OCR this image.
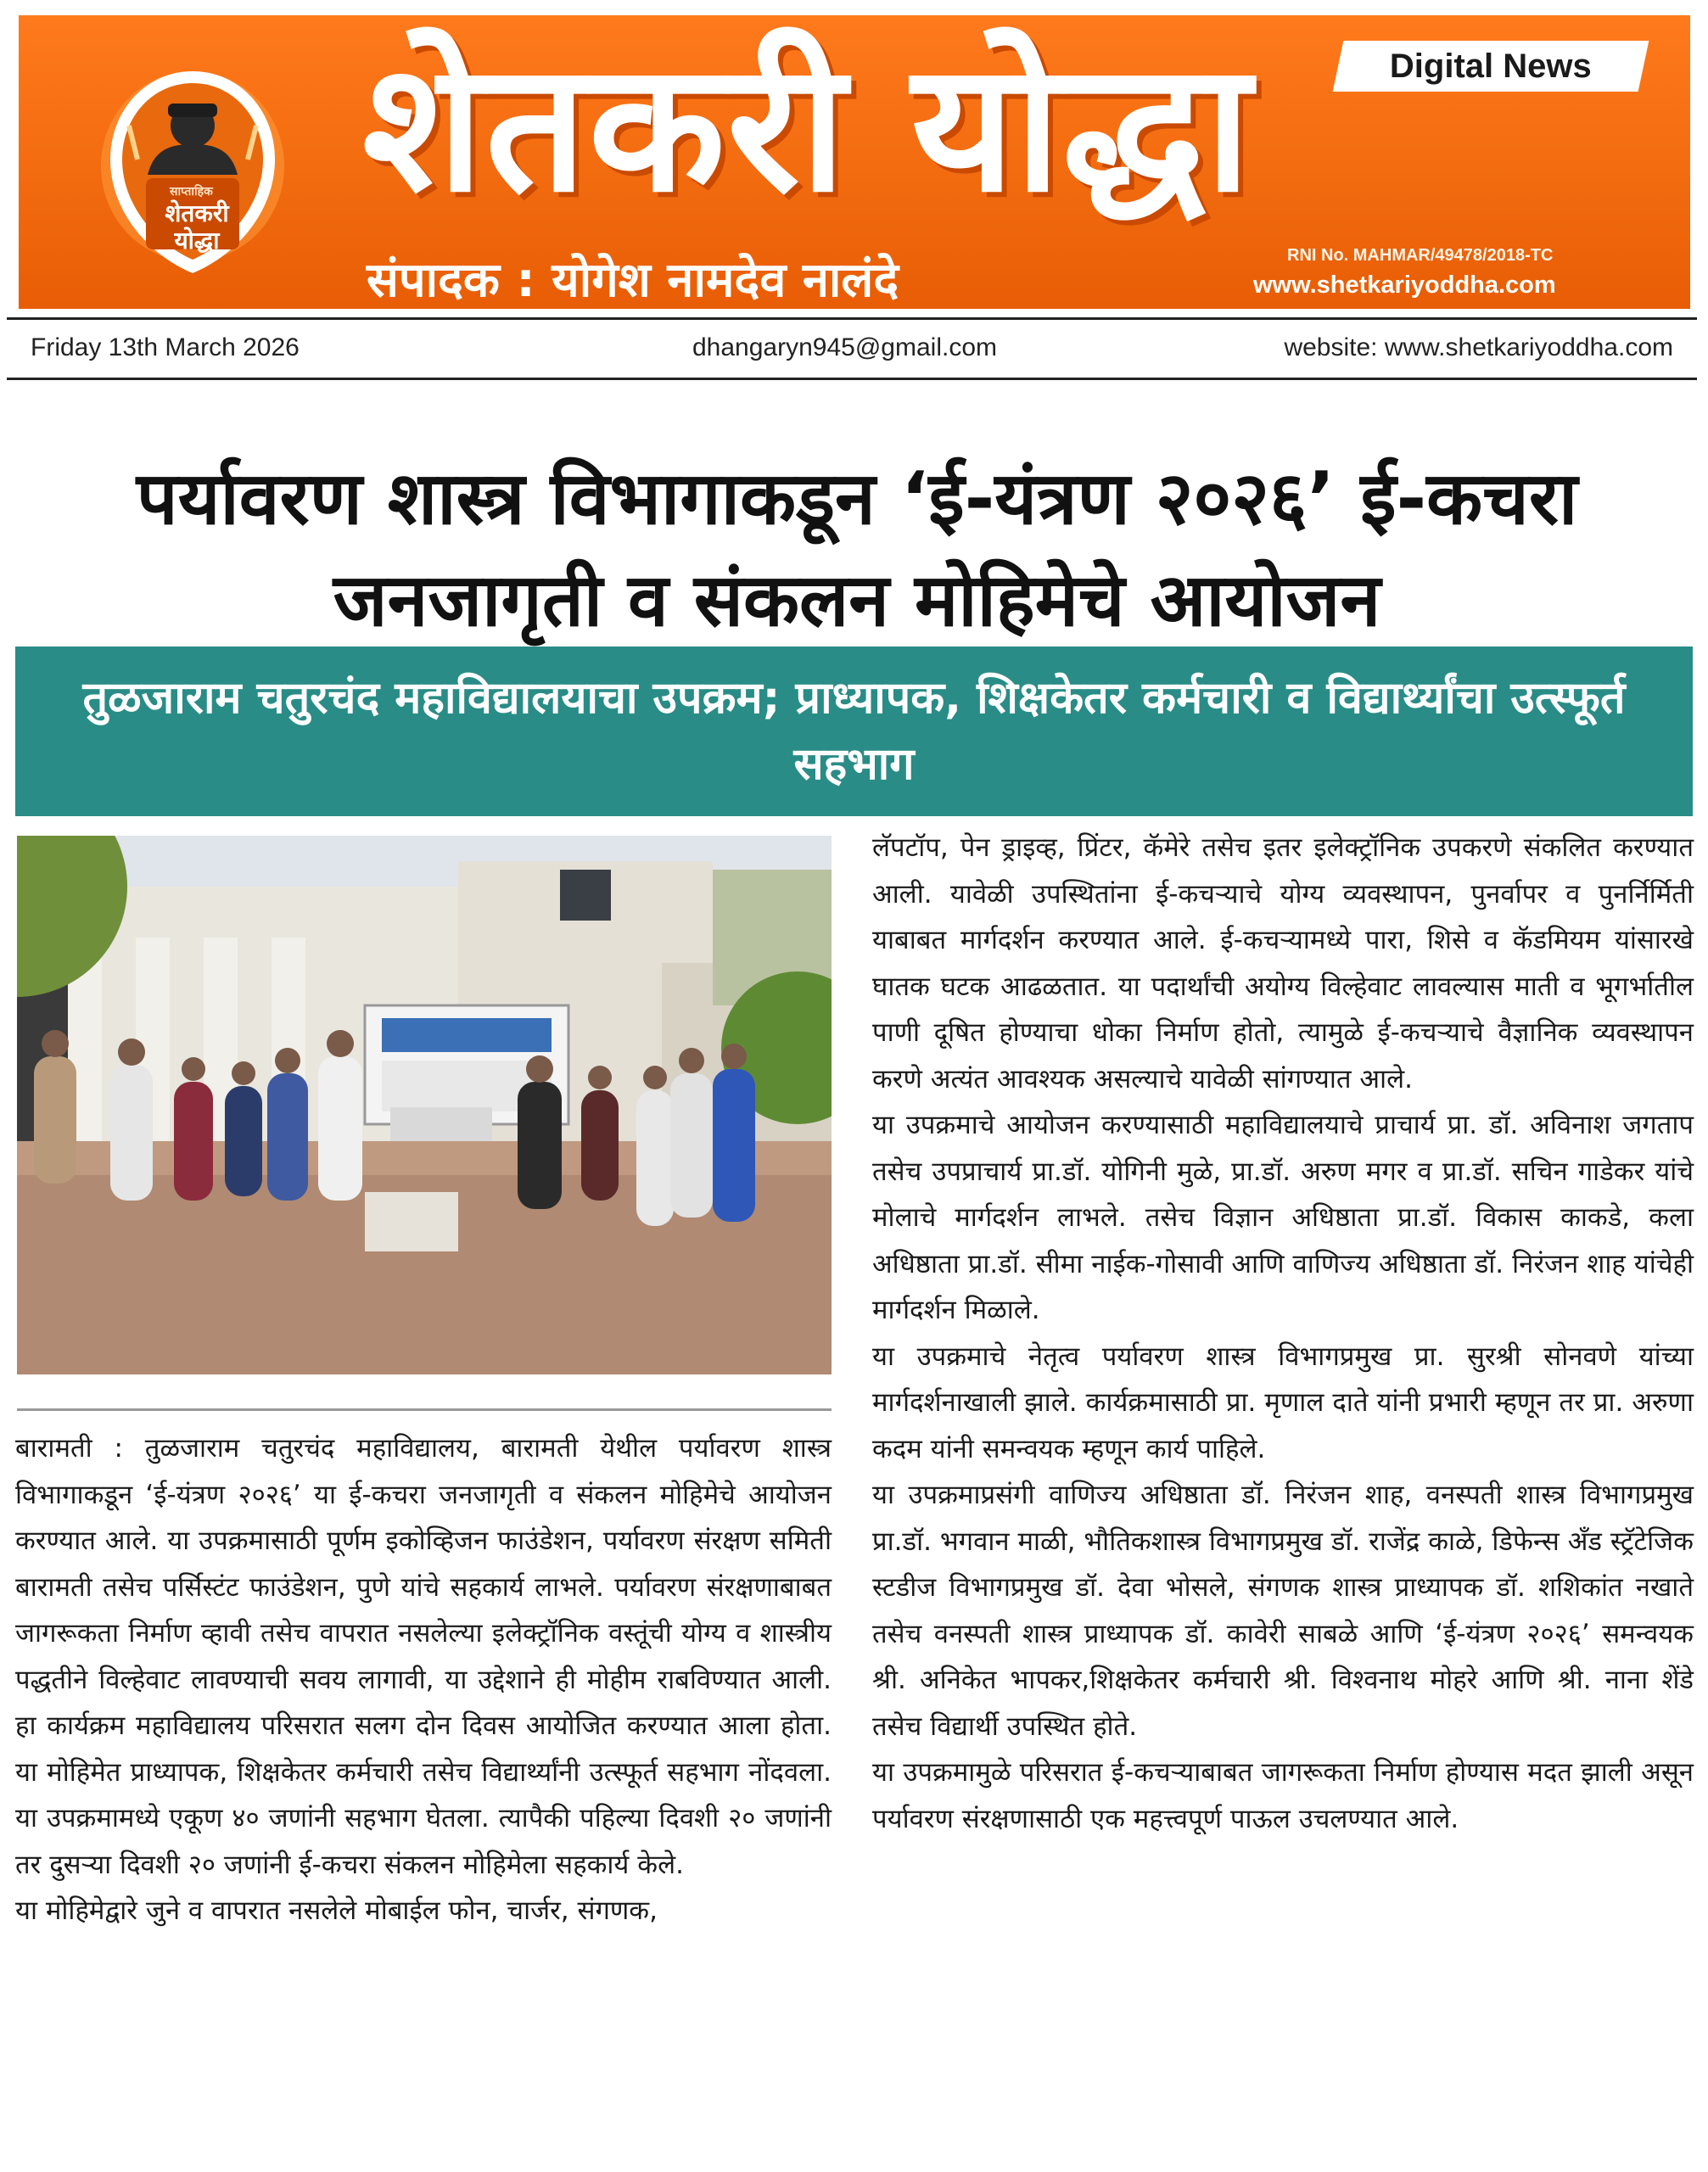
साप्ताहिक
शेतकरी योद्धा
शेतकरी योद्धा	Digital News
संपादक : योगेश नामदेव नालंदे	RNI No. MAHMAR/49478/2018-TC
www.shetkariyoddha.com
Friday 13th March 2026	dhangaryn945@gmail.com	website: www.shetkariyoddha.com
पर्यावरण शास्त्र विभागाकडून ‘ई-यंत्रण २०२६’ ई-कचरा जनजागृती व संकलन मोहिमेचे आयोजन
तुळजाराम चतुरचंद महाविद्यालयाचा उपक्रम; प्राध्यापक, शिक्षकेतर कर्मचारी व विद्यार्थ्यांचा उत्स्फूर्त सहभाग

बारामती : तुळजाराम चतुरचंद महाविद्यालय, बारामती येथील पर्यावरण शास्त्र विभागाकडून ‘ई-यंत्रण २०२६’ या ई-कचरा जनजागृती व संकलन मोहिमेचे आयोजन करण्यात आले. या उपक्रमासाठी पूर्णम इकोव्हिजन फाउंडेशन, पर्यावरण संरक्षण समिती बारामती तसेच पर्सिस्टंट फाउंडेशन, पुणे यांचे सहकार्य लाभले. पर्यावरण संरक्षणाबाबत जागरूकता निर्माण व्हावी तसेच वापरात नसलेल्या इलेक्ट्रॉनिक वस्तूंची योग्य व शास्त्रीय पद्धतीने विल्हेवाट लावण्याची सवय लागावी, या उद्देशाने ही मोहीम राबविण्यात आली. हा कार्यक्रम महाविद्यालय परिसरात सलग दोन दिवस आयोजित करण्यात आला होता. या मोहिमेत प्राध्यापक, शिक्षकेतर कर्मचारी तसेच विद्यार्थ्यांनी उत्स्फूर्त सहभाग नोंदवला. या उपक्रमामध्ये एकूण ४० जणांनी सहभाग घेतला. त्यापैकी पहिल्या दिवशी २० जणांनी तर दुसऱ्या दिवशी २० जणांनी ई-कचरा संकलन मोहिमेला सहकार्य केले.

या मोहिमेद्वारे जुने व वापरात नसलेले मोबाईल फोन, चार्जर, संगणक,

लॅपटॉप, पेन ड्राइव्ह, प्रिंटर, कॅमेरे तसेच इतर इलेक्ट्रॉनिक उपकरणे संकलित करण्यात आली. यावेळी उपस्थितांना ई-कचऱ्याचे योग्य व्यवस्थापन, पुनर्वापर व पुनर्निर्मिती याबाबत मार्गदर्शन करण्यात आले. ई-कचऱ्यामध्ये पारा, शिसे व कॅडमियम यांसारखे घातक घटक आढळतात. या पदार्थांची अयोग्य विल्हेवाट लावल्यास माती व भूगर्भातील पाणी दूषित होण्याचा धोका निर्माण होतो, त्यामुळे ई-कचऱ्याचे वैज्ञानिक व्यवस्थापन करणे अत्यंत आवश्यक असल्याचे यावेळी सांगण्यात आले.

या उपक्रमाचे आयोजन करण्यासाठी महाविद्यालयाचे प्राचार्य प्रा. डॉ. अविनाश जगताप तसेच उपप्राचार्य प्रा.डॉ. योगिनी मुळे, प्रा.डॉ. अरुण मगर व प्रा.डॉ. सचिन गाडेकर यांचे मोलाचे मार्गदर्शन लाभले. तसेच विज्ञान अधिष्ठाता प्रा.डॉ. विकास काकडे, कला अधिष्ठाता प्रा.डॉ. सीमा नाईक-गोसावी आणि वाणिज्य अधिष्ठाता डॉ. निरंजन शाह यांचेही मार्गदर्शन मिळाले.

या उपक्रमाचे नेतृत्व पर्यावरण शास्त्र विभागप्रमुख प्रा. सुरश्री सोनवणे यांच्या मार्गदर्शनाखाली झाले. कार्यक्रमासाठी प्रा. मृणाल दाते यांनी प्रभारी म्हणून तर प्रा. अरुणा कदम यांनी समन्वयक म्हणून कार्य पाहिले.

या उपक्रमाप्रसंगी वाणिज्य अधिष्ठाता डॉ. निरंजन शाह, वनस्पती शास्त्र विभागप्रमुख प्रा.डॉ. भगवान माळी, भौतिकशास्त्र विभागप्रमुख डॉ. राजेंद्र काळे, डिफेन्स अँड स्ट्रॅटेजिक स्टडीज विभागप्रमुख डॉ. देवा भोसले, संगणक शास्त्र प्राध्यापक डॉ. शशिकांत नखाते तसेच वनस्पती शास्त्र प्राध्यापक डॉ. कावेरी साबळे आणि ‘ई-यंत्रण २०२६’ समन्वयक श्री. अनिकेत भापकर,शिक्षकेतर कर्मचारी श्री. विश्वनाथ मोहरे आणि श्री. नाना शेंडे तसेच विद्यार्थी उपस्थित होते.

या उपक्रमामुळे परिसरात ई-कचऱ्याबाबत जागरूकता निर्माण होण्यास मदत झाली असून पर्यावरण संरक्षणासाठी एक महत्त्वपूर्ण पाऊल उचलण्यात आले.
